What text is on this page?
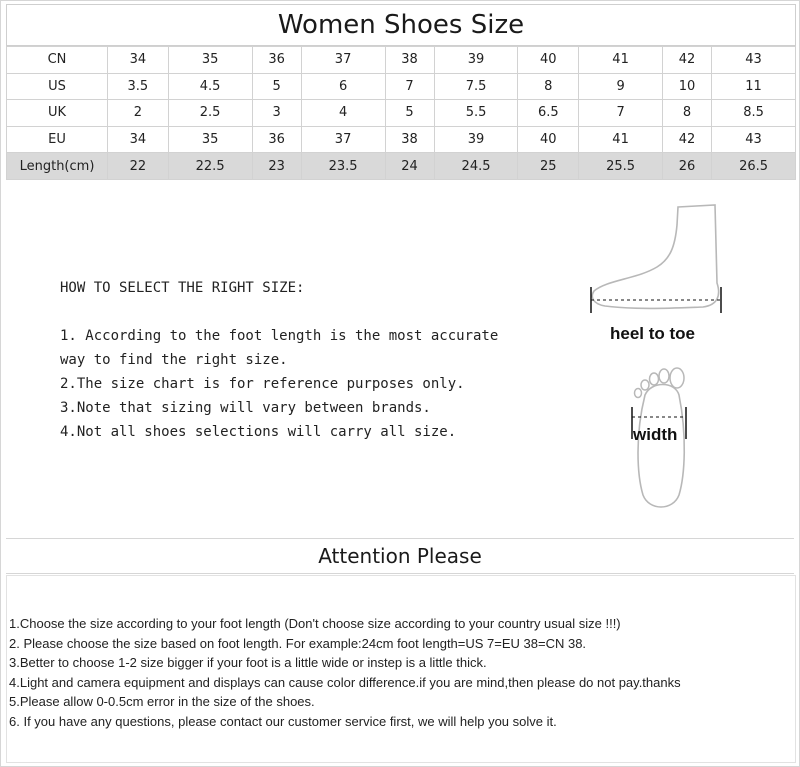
Women Shoes Size
CN	34	35	36	37	38	39	40	41	42	43
US	3.5	4.5	5	6	7	7.5	8	9	10	11
UK	2	2.5	3	4	5	5.5	6.5	7	8	8.5
EU	34	35	36	37	38	39	40	41	42	43
Length(cm)	22	22.5	23	23.5	24	24.5	25	25.5	26	26.5

HOW TO SELECT THE RIGHT SIZE:

1. According to the foot length is the most accurate

way to find the right size.

2.The size chart is for reference purposes only.

3.Note that sizing will vary between brands.

4.Not all shoes selections will carry all size.

heel to toe
width
Attention Please

1.Choose the size according to your foot length (Don't choose size according to your country usual size !!!)

2. Please choose the size based on foot length. For example:24cm foot length=US 7=EU 38=CN 38.

3.Better to choose 1-2 size bigger if your foot is a little wide or instep is a little thick.

4.Light and camera equipment and displays can cause color difference.if you are mind,then please do not pay.thanks

5.Please allow 0-0.5cm error in the size of the shoes.

6. If you have any questions, please contact our customer service first, we will help you solve it.
